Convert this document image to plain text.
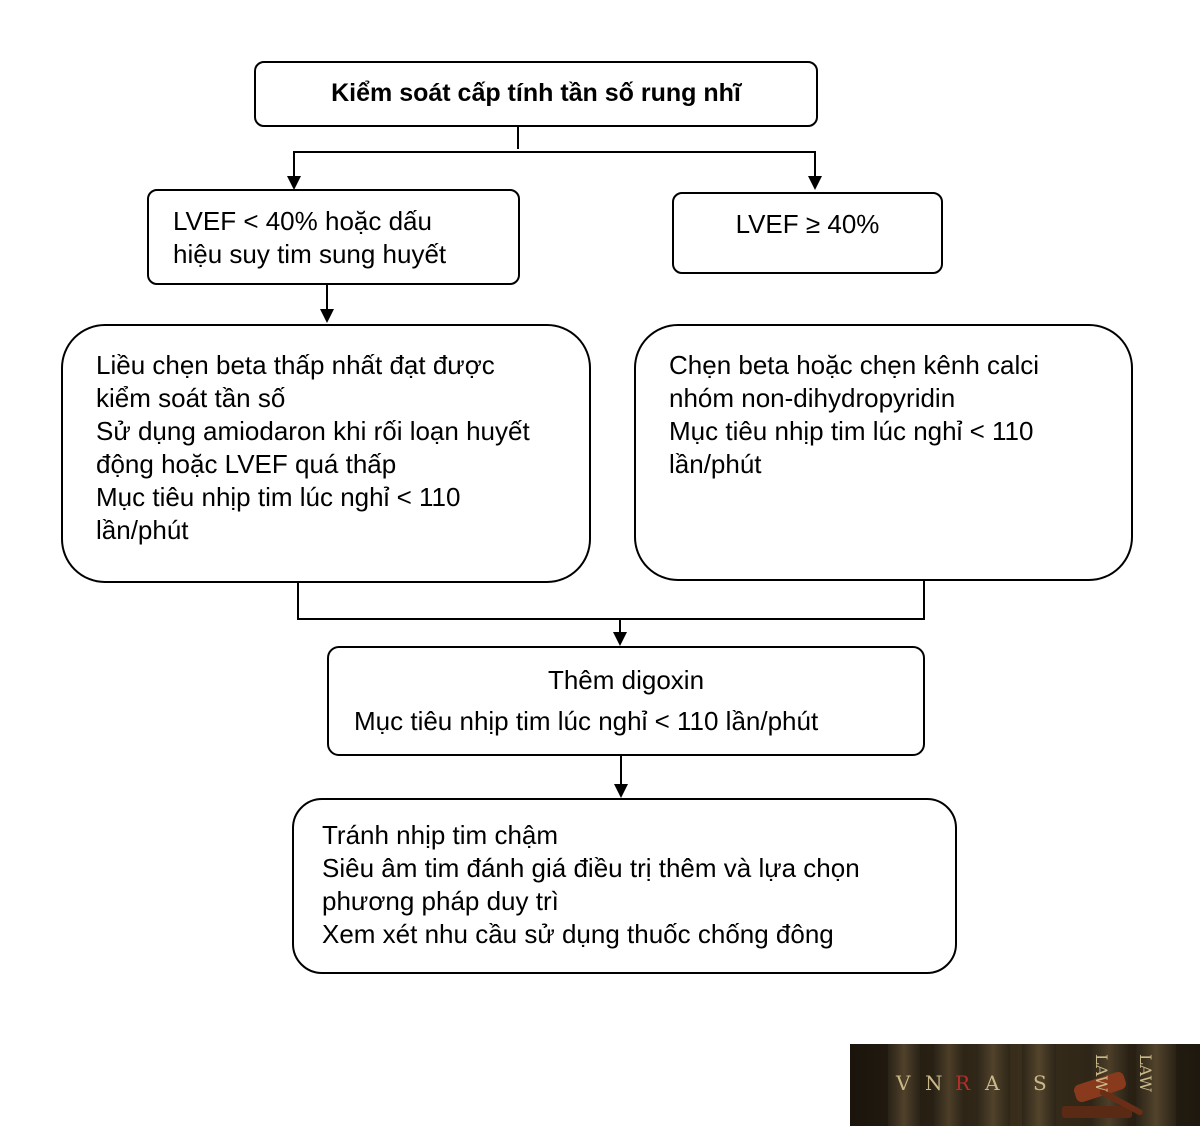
Kiểm soát cấp tính tần số rung nhĩ
LVEF < 40% hoặc dấu
hiệu suy tim sung huyết
LVEF ≥ 40%
Liều chẹn beta thấp nhất đạt được
kiểm soát tần số
Sử dụng amiodaron khi rối loạn huyết
động hoặc LVEF quá thấp
Mục tiêu nhịp tim lúc nghỉ < 110
lần/phút
Chẹn beta hoặc chẹn kênh calci
nhóm non-dihydropyridin
Mục tiêu nhịp tim lúc nghỉ < 110
lần/phút
Thêm digoxin
Mục tiêu nhịp tim lúc nghỉ < 110 lần/phút
Tránh nhịp tim chậm
Siêu âm tim đánh giá điều trị thêm và lựa chọn
phương pháp duy trì
Xem xét nhu cầu sử dụng thuốc chống đông
V N R A S	LAW
LAW
